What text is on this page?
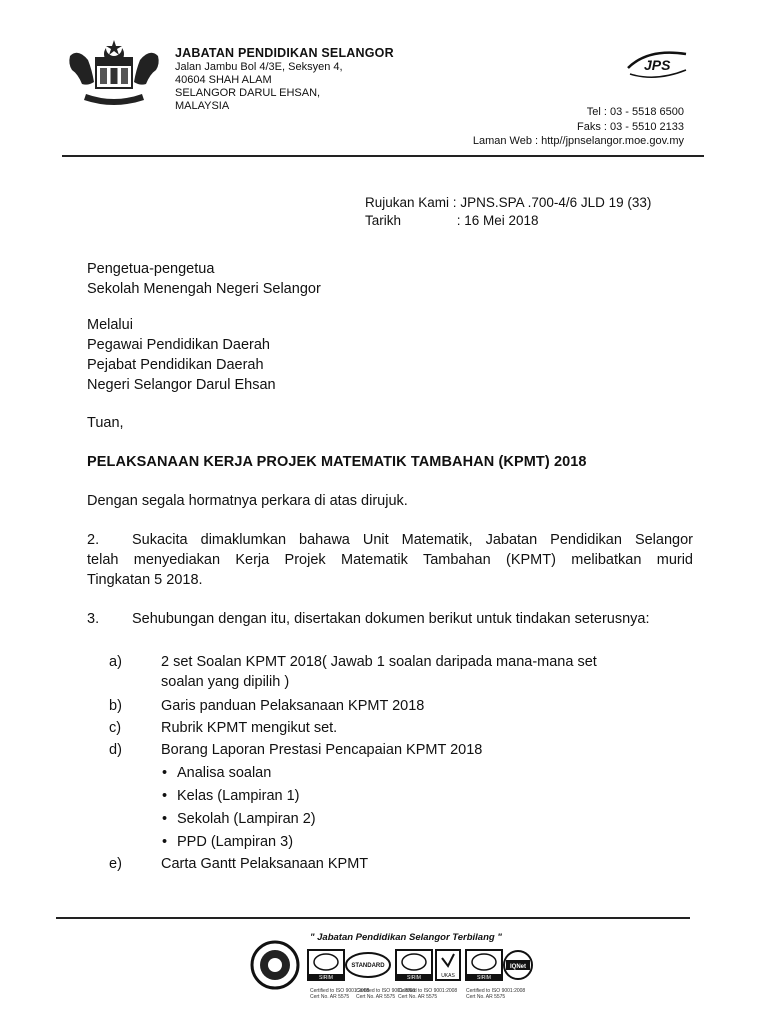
JABATAN PENDIDIKAN SELANGOR
Jalan Jambu Bol 4/3E, Seksyen 4,
40604 SHAH ALAM
SELANGOR DARUL EHSAN,
MALAYSIA
JPS
Tel : 03 - 5518 6500
Faks : 03 - 5510 2133
Laman Web : http//jpnselangor.moe.gov.my
Rujukan Kami : JPNS.SPA .700-4/6 JLD 19 (33)
Tarikh	: 16 Mei 2018
Pengetua-pengetua
Sekolah Menengah Negeri Selangor
Melalui
Pegawai Pendidikan Daerah
Pejabat Pendidikan Daerah
Negeri Selangor Darul Ehsan
Tuan,
PELAKSANAAN KERJA PROJEK MATEMATIK TAMBAHAN (KPMT) 2018
Dengan segala hormatnya perkara di atas dirujuk.
2. Sukacita dimaklumkan bahawa Unit Matematik, Jabatan Pendidikan Selangor
telah menyediakan Kerja Projek Matematik Tambahan (KPMT) melibatkan murid
Tingkatan 5 2018.
3. Sehubungan dengan itu, disertakan dokumen berikut untuk tindakan seterusnya:
a)	2 set Soalan KPMT 2018( Jawab 1 soalan daripada mana-mana set
soalan yang dipilih )
b)	Garis panduan Pelaksanaan KPMT 2018
c)	Rubrik KPMT mengikut set.
d)	Borang Laporan Prestasi Pencapaian KPMT 2018
• Analisa soalan
• Kelas (Lampiran 1)
• Sekolah (Lampiran 2)
• PPD (Lampiran 3)
e)	Carta Gantt Pelaksanaan KPMT
" Jabatan Pendidikan Selangor Terbilang "
SIRIM
STANDARD
SIRIM	UKAS	SIRIM
IQNet
Certified to ISO 9001:2008
Cert No. AR 5575
Certified to ISO 9001:2008
Cert No. AR 5575
Certified to ISO 9001:2008
Cert No. AR 5575
Certified to ISO 9001:2008
Cert No. AR 5575
